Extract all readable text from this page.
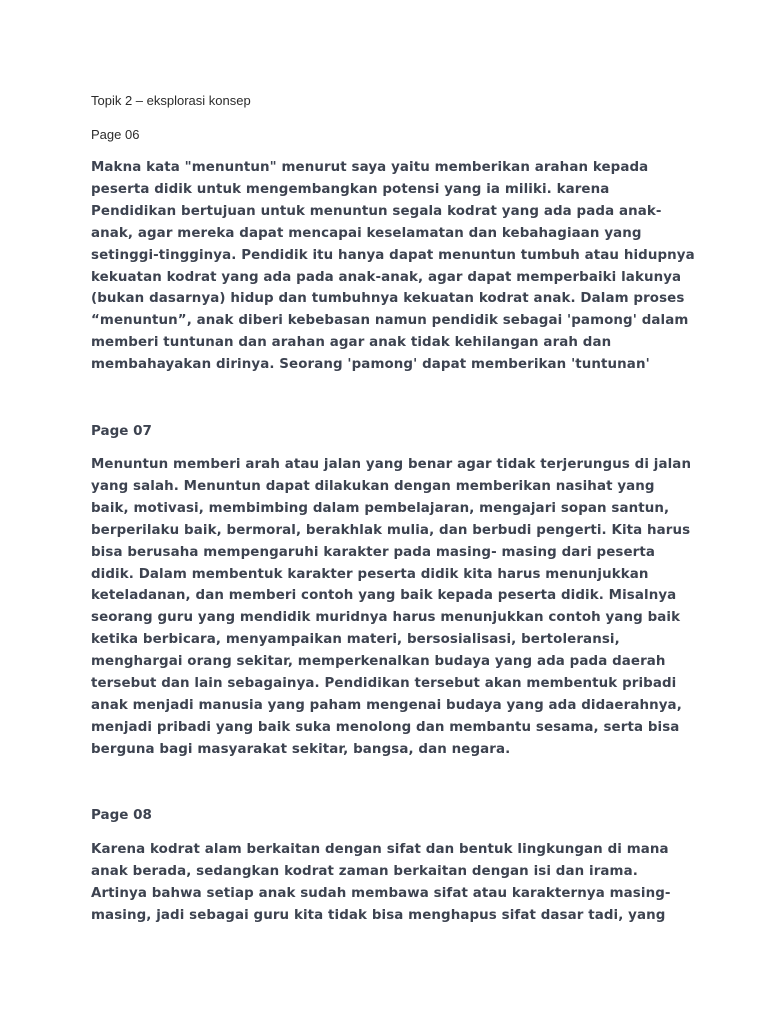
Topik 2 – eksplorasi konsep

Page 06

Makna kata "menuntun" menurut saya yaitu memberikan arahan kepada
peserta didik untuk mengembangkan potensi yang ia miliki. karena
Pendidikan bertujuan untuk menuntun segala kodrat yang ada pada anak-
anak, agar mereka dapat mencapai keselamatan dan kebahagiaan yang
setinggi-tingginya. Pendidik itu hanya dapat menuntun tumbuh atau hidupnya
kekuatan kodrat yang ada pada anak-anak, agar dapat memperbaiki lakunya
(bukan dasarnya) hidup dan tumbuhnya kekuatan kodrat anak. Dalam proses
“menuntun”, anak diberi kebebasan namun pendidik sebagai 'pamong' dalam
memberi tuntunan dan arahan agar anak tidak kehilangan arah dan
membahayakan dirinya. Seorang 'pamong' dapat memberikan 'tuntunan'

Page 07

Menuntun memberi arah atau jalan yang benar agar tidak terjerungus di jalan
yang salah. Menuntun dapat dilakukan dengan memberikan nasihat yang
baik, motivasi, membimbing dalam pembelajaran, mengajari sopan santun,
berperilaku baik, bermoral, berakhlak mulia, dan berbudi pengerti. Kita harus
bisa berusaha mempengaruhi karakter pada masing- masing dari peserta
didik. Dalam membentuk karakter peserta didik kita harus menunjukkan
keteladanan, dan memberi contoh yang baik kepada peserta didik. Misalnya
seorang guru yang mendidik muridnya harus menunjukkan contoh yang baik
ketika berbicara, menyampaikan materi, bersosialisasi, bertoleransi,
menghargai orang sekitar, memperkenalkan budaya yang ada pada daerah
tersebut dan lain sebagainya. Pendidikan tersebut akan membentuk pribadi
anak menjadi manusia yang paham mengenai budaya yang ada didaerahnya,
menjadi pribadi yang baik suka menolong dan membantu sesama, serta bisa
berguna bagi masyarakat sekitar, bangsa, dan negara.

Page 08

Karena kodrat alam berkaitan dengan sifat dan bentuk lingkungan di mana
anak berada, sedangkan kodrat zaman berkaitan dengan isi dan irama.
Artinya bahwa setiap anak sudah membawa sifat atau karakternya masing-
masing, jadi sebagai guru kita tidak bisa menghapus sifat dasar tadi, yang
